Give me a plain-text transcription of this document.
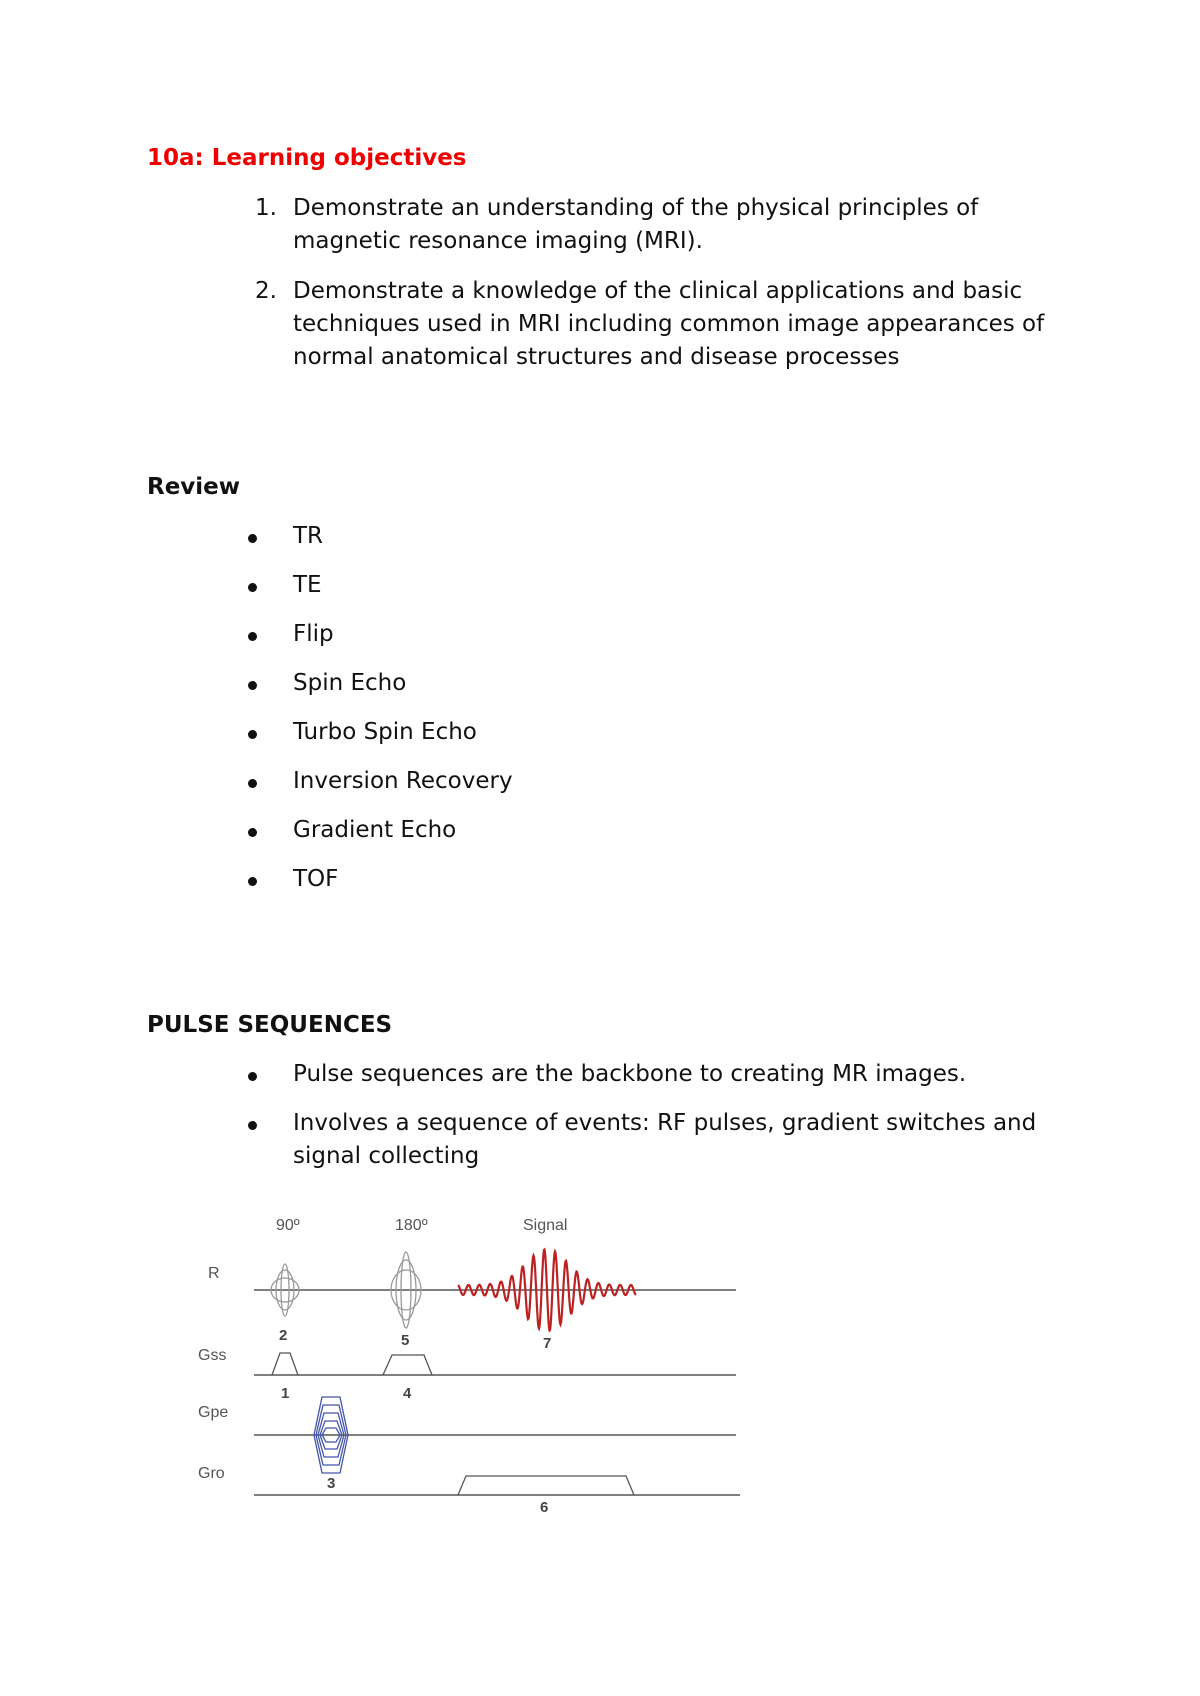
10a: Learning objectives
1. Demonstrate an understanding of the physical principles of magnetic resonance imaging (MRI).
2. Demonstrate a knowledge of the clinical applications and basic techniques used in MRI including common image appearances of normal anatomical structures and disease processes
Review
TR
TE
Flip
Spin Echo
Turbo Spin Echo
Inversion Recovery
Gradient Echo
TOF
PULSE SEQUENCES
Pulse sequences are the backbone to creating MR images.
Involves a sequence of events: RF pulses, gradient switches and signal collecting
R
Gss
Gpe
Gro
90º	180º	Signal
2	5	7
1	4
3
6
